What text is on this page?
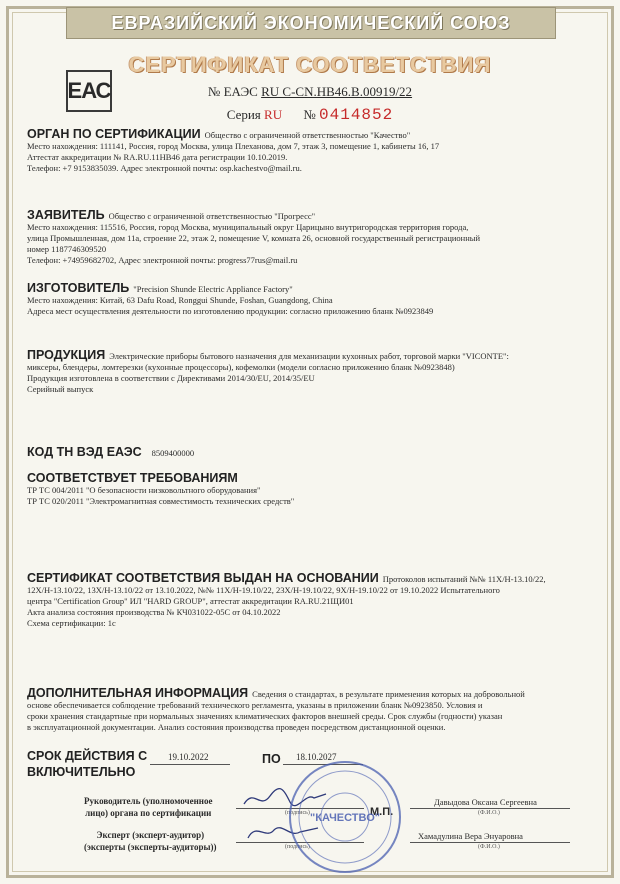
ЕВРАЗИЙСКИЙ ЭКОНОМИЧЕСКИЙ СОЮЗ
СЕРТИФИКАТ СООТВЕТСТВИЯ
ЕАС	№ ЕАЭС RU C-CN.HB46.B.00919/22
Серия RU № 0414852
ОРГАН ПО СЕРТИФИКАЦИИ Общество с ограниченной ответственностью "Качество"
Место нахождения: 111141, Россия, город Москва, улица Плеханова, дом 7, этаж 3, помещение 1, кабинеты 16, 17
Аттестат аккредитации № RA.RU.11НВ46 дата регистрации 10.10.2019.
Телефон: +7 9153835039. Адрес электронной почты: osp.kachestvo@mail.ru.
ЗАЯВИТЕЛЬ Общество с ограниченной ответственностью "Прогресс"
Место нахождения: 115516, Россия, город Москва, муниципальный округ Царицыно внутригородская территория города,
улица Промышленная, дом 11а, строение 22, этаж 2, помещение V, комната 26, основной государственный регистрационный
номер 1187746309520
Телефон: +74959682702, Адрес электронной почты: progress77rus@mail.ru
ИЗГОТОВИТЕЛЬ "Precision Shunde Electric Appliance Factory"
Место нахождения: Китай, 63 Dafu Road, Ronggui Shunde, Foshan, Guangdong, China
Адреса мест осуществления деятельности по изготовлению продукции: согласно приложению бланк №0923849
ПРОДУКЦИЯ Электрические приборы бытового назначения для механизации кухонных работ, торговой марки "VICONTE":
миксеры, блендеры, ломтерезки (кухонные процессоры), кофемолки (модели согласно приложению бланк №0923848)
Продукция изготовлена в соответствии с Директивами 2014/30/EU, 2014/35/EU
Серийный выпуск
КОД ТН ВЭД ЕАЭС 8509400000
СООТВЕТСТВУЕТ ТРЕБОВАНИЯМ
ТР ТС 004/2011 "О безопасности низковольтного оборудования"
ТР ТС 020/2011 "Электромагнитная совместимость технических средств"
СЕРТИФИКАТ СООТВЕТСТВИЯ ВЫДАН НА ОСНОВАНИИ Протоколов испытаний №№ 11Х/Н-13.10/22,
12Х/Н-13.10/22, 13Х/Н-13.10/22 от 13.10.2022, №№ 11Х/Н-19.10/22, 23Х/Н-19.10/22, 9Х/Н-19.10/22 от 19.10.2022 Испытательного
центра "Certification Group" ИЛ "HARD GROUP", аттестат аккредитации RA.RU.21ЩИ01
Акта анализа состояния производства № КЧ031022-05С от 04.10.2022
Схема сертификации: 1с
ДОПОЛНИТЕЛЬНАЯ ИНФОРМАЦИЯ Сведения о стандартах, в результате применения которых на добровольной
основе обеспечивается соблюдение требований технического регламента, указаны в приложении бланк №0923850. Условия и
сроки хранения стандартные при нормальных значениях климатических факторов внешней среды. Срок службы (годности) указан
в эксплуатационной документации. Анализ состояния производства проведен посредством дистанционной оценки.
СРОК ДЕЙСТВИЯ С
ВКЛЮЧИТЕЛЬНО
19.10.2022	ПО 18.10.2027
Руководитель (уполномоченное
лицо) органа по сертификации	(подпись)	М.П.
Давыдова Оксана Сергеевна
(Ф.И.О.)
Эксперт (эксперт-аудитор)
(эксперты (эксперты-аудиторы))	(подпись)
Хамадулина Вера Энуаровна
(Ф.И.О.)
"КАЧЕСТВО"
